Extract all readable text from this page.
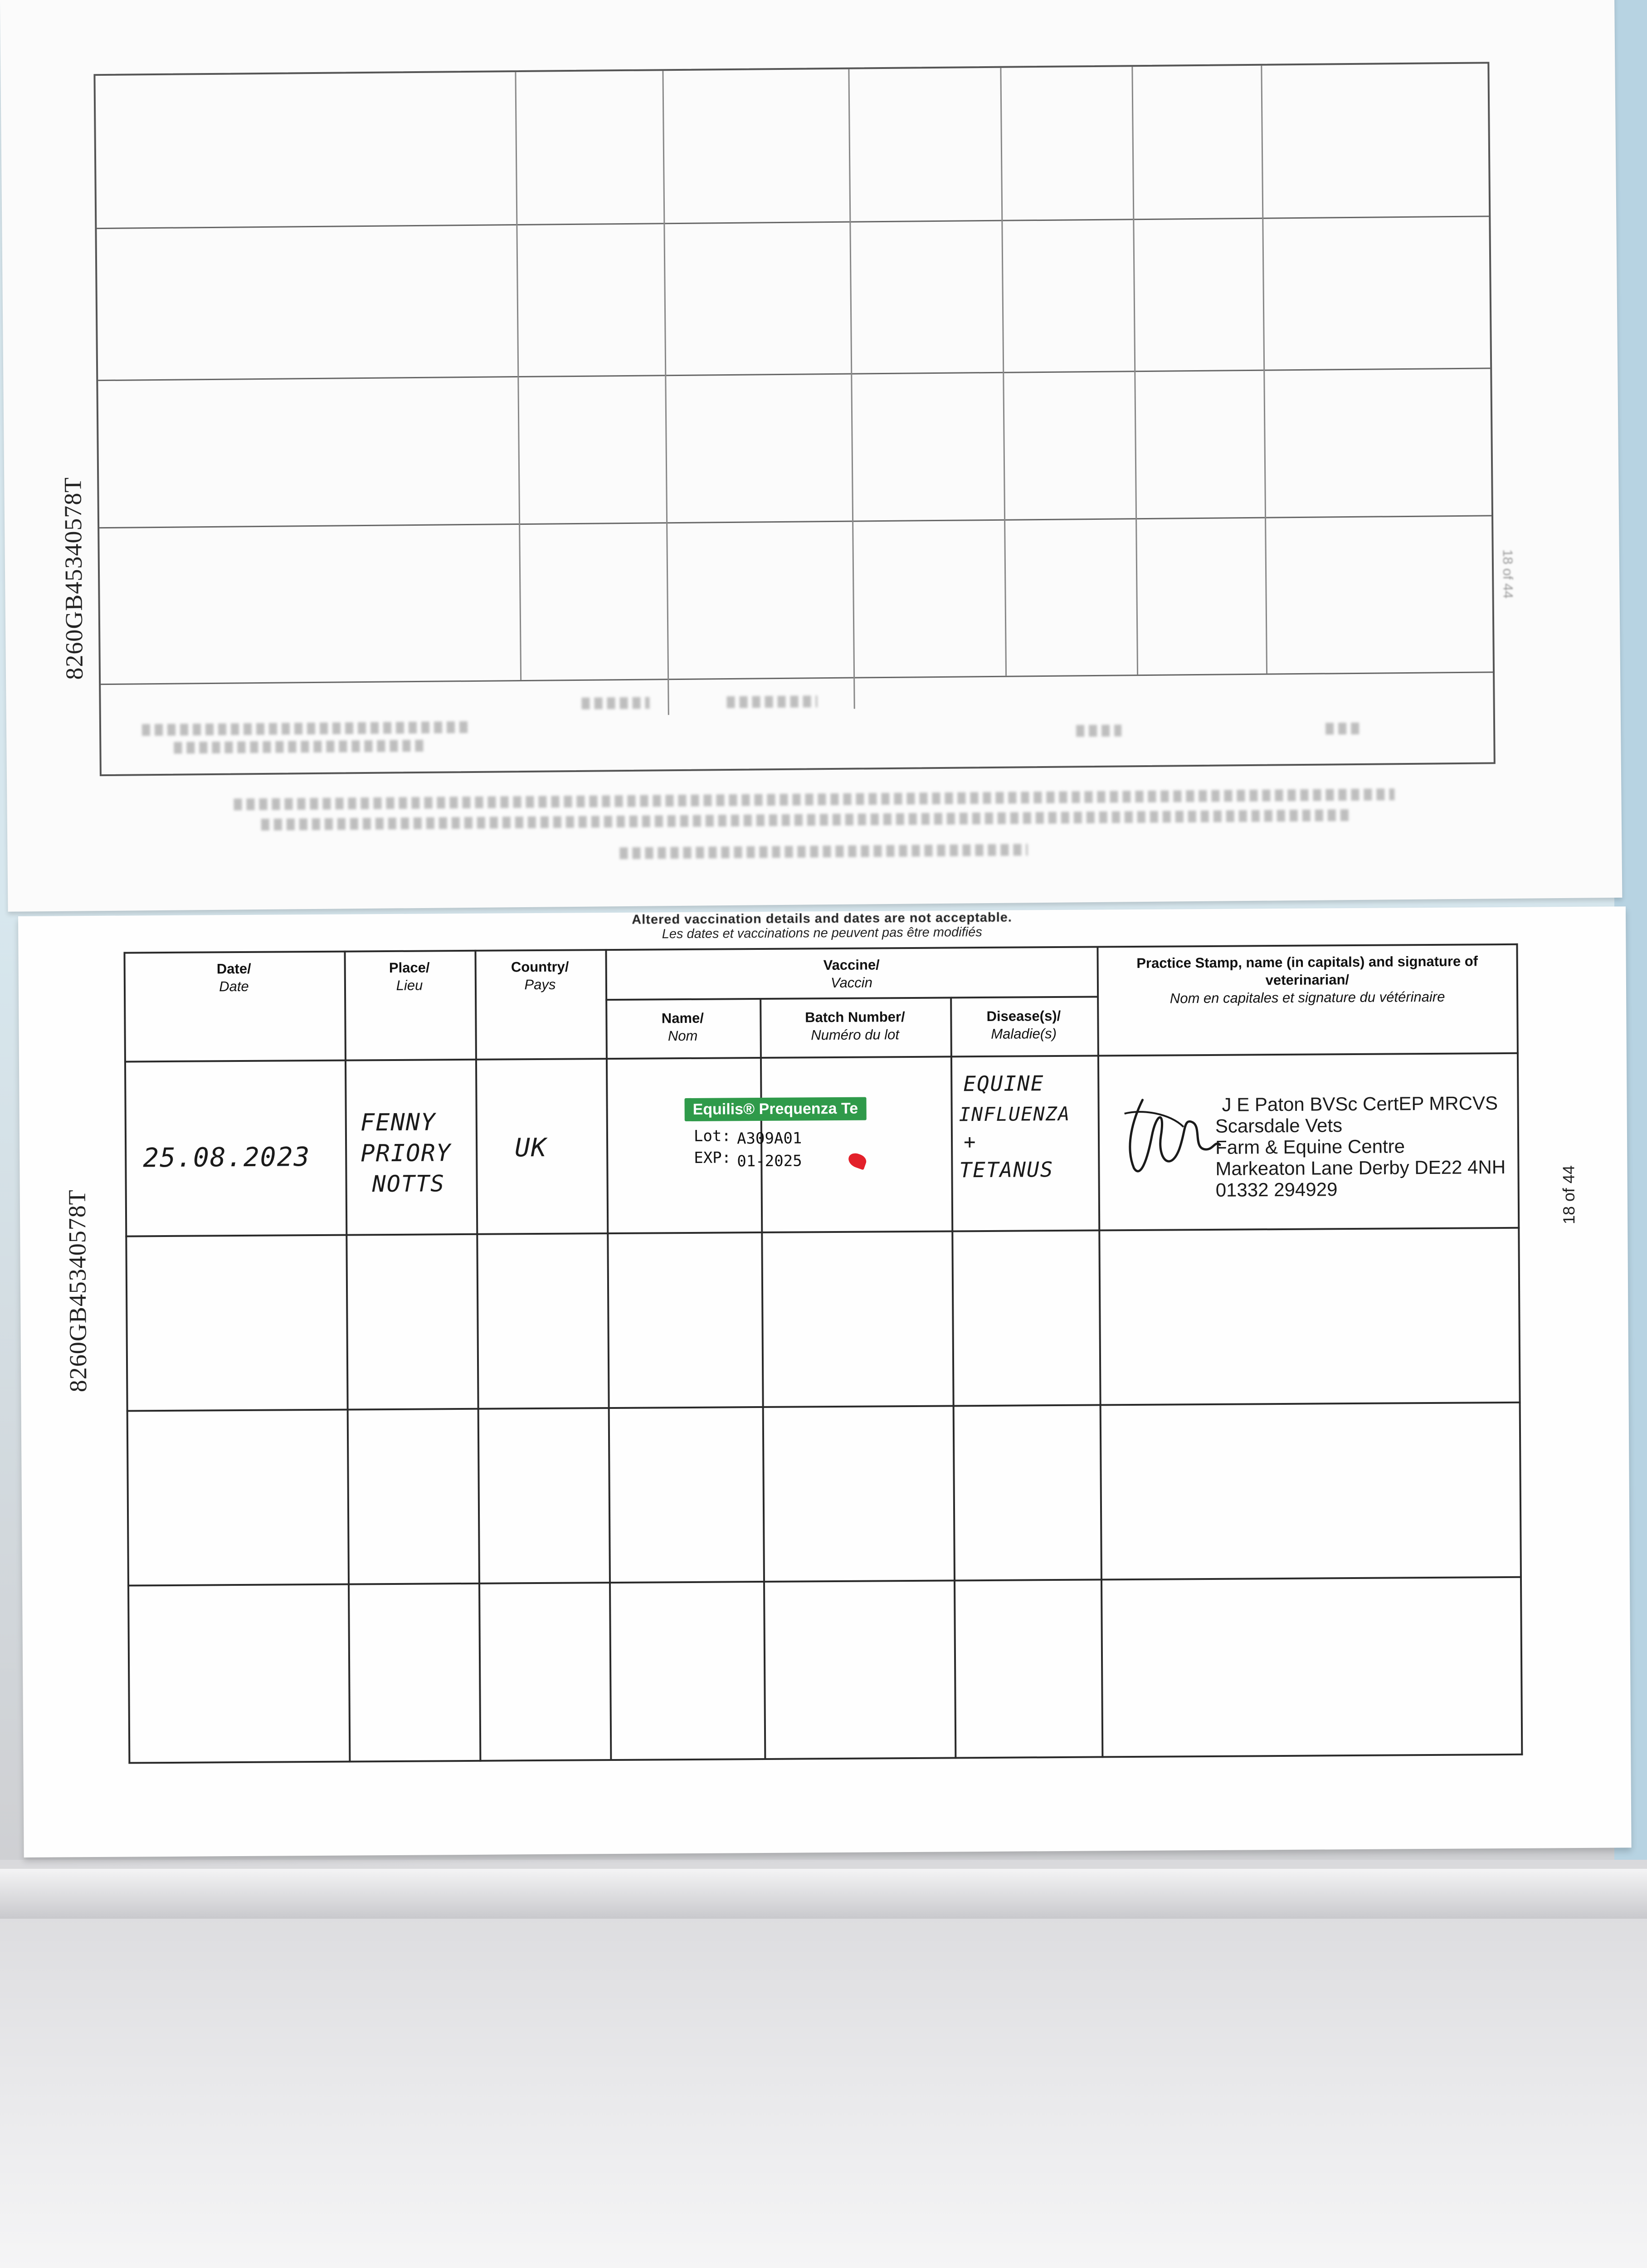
8260GB45340578T	18 of 44
Altered vaccination details and dates are not acceptable.
Les dates et vaccinations ne peuvent pas être modifiés
Date/
Date
Place/
Lieu
Country/
Pays
Vaccine/
Vaccin
Name/
Nom
Batch Number/
Numéro du lot
Disease(s)/
Maladie(s)
Practice Stamp, name (in capitals) and signature of veterinarian/
Nom en capitales et signature du vétérinaire
25.08.2023
FENNY
PRIORY
NOTTS
UK
Equilis® Prequenza Te
Lot: A309A01
EXP: 01-2025
EQUINE
INFLUENZA
+
TETANUS
J E Paton BVSc CertEP MRCVS
Scarsdale Vets
Farm & Equine Centre
Markeaton Lane Derby DE22 4NH
01332 294929
8260GB45340578T	18 of 44
